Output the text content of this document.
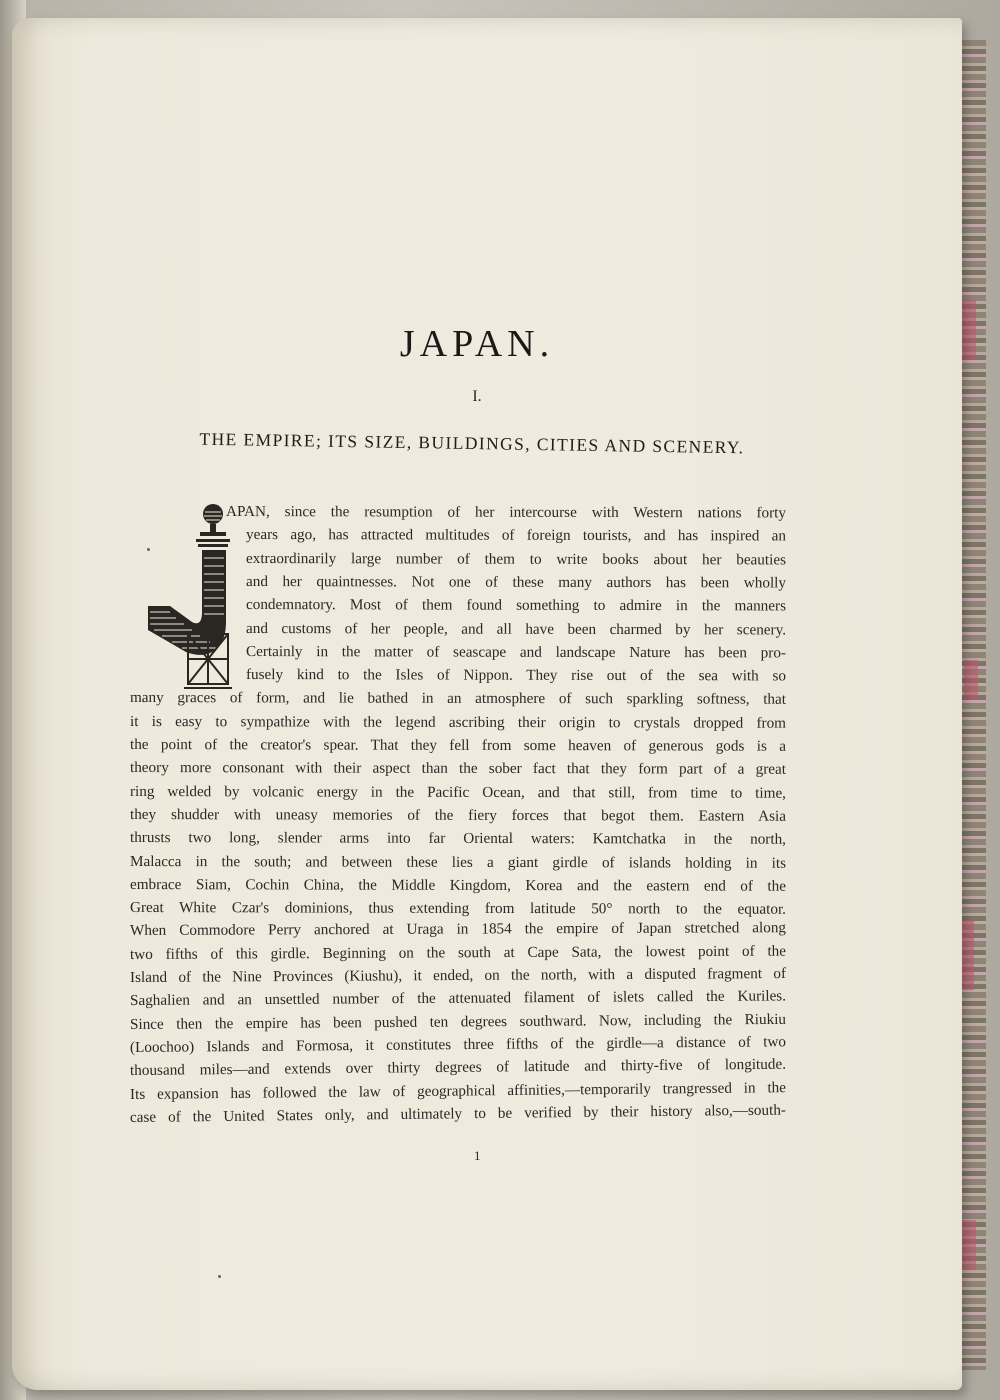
JAPAN.
I.
THE EMPIRE; ITS SIZE, BUILDINGS, CITIES AND SCENERY.
APAN, since the resumption of her intercourse with Western nations forty
years ago, has attracted multitudes of foreign tourists, and has inspired an
extraordinarily large number of them to write books about her beauties
and her quaintnesses. Not one of these many authors has been wholly
condemnatory. Most of them found something to admire in the manners
and customs of her people, and all have been charmed by her scenery.
Certainly in the matter of seascape and landscape Nature has been pro-
fusely kind to the Isles of Nippon. They rise out of the sea with so
many graces of form, and lie bathed in an atmosphere of such sparkling softness, that
it is easy to sympathize with the legend ascribing their origin to crystals dropped from
the point of the creator's spear. That they fell from some heaven of generous gods is a
theory more consonant with their aspect than the sober fact that they form part of a great
ring welded by volcanic energy in the Pacific Ocean, and that still, from time to time,
they shudder with uneasy memories of the fiery forces that begot them. Eastern Asia
thrusts two long, slender arms into far Oriental waters: Kamtchatka in the north,
Malacca in the south; and between these lies a giant girdle of islands holding in its
embrace Siam, Cochin China, the Middle Kingdom, Korea and the eastern end of the
Great White Czar's dominions, thus extending from latitude 50° north to the equator.
When Commodore Perry anchored at Uraga in 1854 the empire of Japan stretched along
two fifths of this girdle. Beginning on the south at Cape Sata, the lowest point of the
Island of the Nine Provinces (Kiushu), it ended, on the north, with a disputed fragment of
Saghalien and an unsettled number of the attenuated filament of islets called the Kuriles.
Since then the empire has been pushed ten degrees southward. Now, including the Riukiu
(Loochoo) Islands and Formosa, it constitutes three fifths of the girdle—a distance of two
thousand miles—and extends over thirty degrees of latitude and thirty-five of longitude.
Its expansion has followed the law of geographical affinities,—temporarily trangressed in the
case of the United States only, and ultimately to be verified by their history also,—south-
1
